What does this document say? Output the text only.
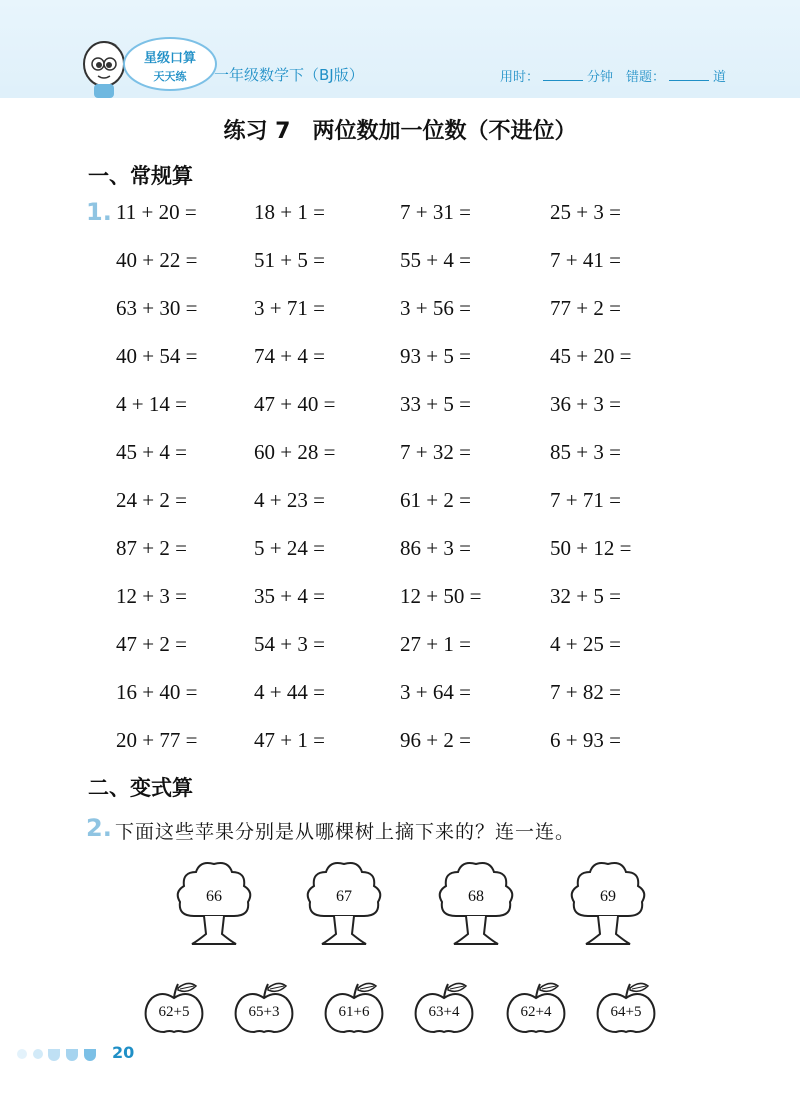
星级口算
天天练 一年级数学下（BJ版）	用时：	分钟 错题：	道
练习 7　两位数加一位数（不进位）
一、常规算
1. 11 + 20 =	18 + 1 =	7 + 31 =	25 + 3 =
40 + 22 =	51 + 5 =	55 + 4 =	7 + 41 =
63 + 30 =	3 + 71 =	3 + 56 =	77 + 2 =
40 + 54 =	74 + 4 =	93 + 5 =	45 + 20 =
4 + 14 =	47 + 40 =	33 + 5 =	36 + 3 =
45 + 4 =	60 + 28 =	7 + 32 =	85 + 3 =
24 + 2 =	4 + 23 =	61 + 2 =	7 + 71 =
87 + 2 =	5 + 24 =	86 + 3 =	50 + 12 =
12 + 3 =	35 + 4 =	12 + 50 =	32 + 5 =
47 + 2 =	54 + 3 =	27 + 1 =	4 + 25 =
16 + 40 =	4 + 44 =	3 + 64 =	7 + 82 =
20 + 77 =	47 + 1 =	96 + 2 =	6 + 93 =
二、变式算
2. 下面这些苹果分别是从哪棵树上摘下来的？连一连。
66	67	68	69
62+5	65+3	61+6	63+4	62+4	64+5
20
